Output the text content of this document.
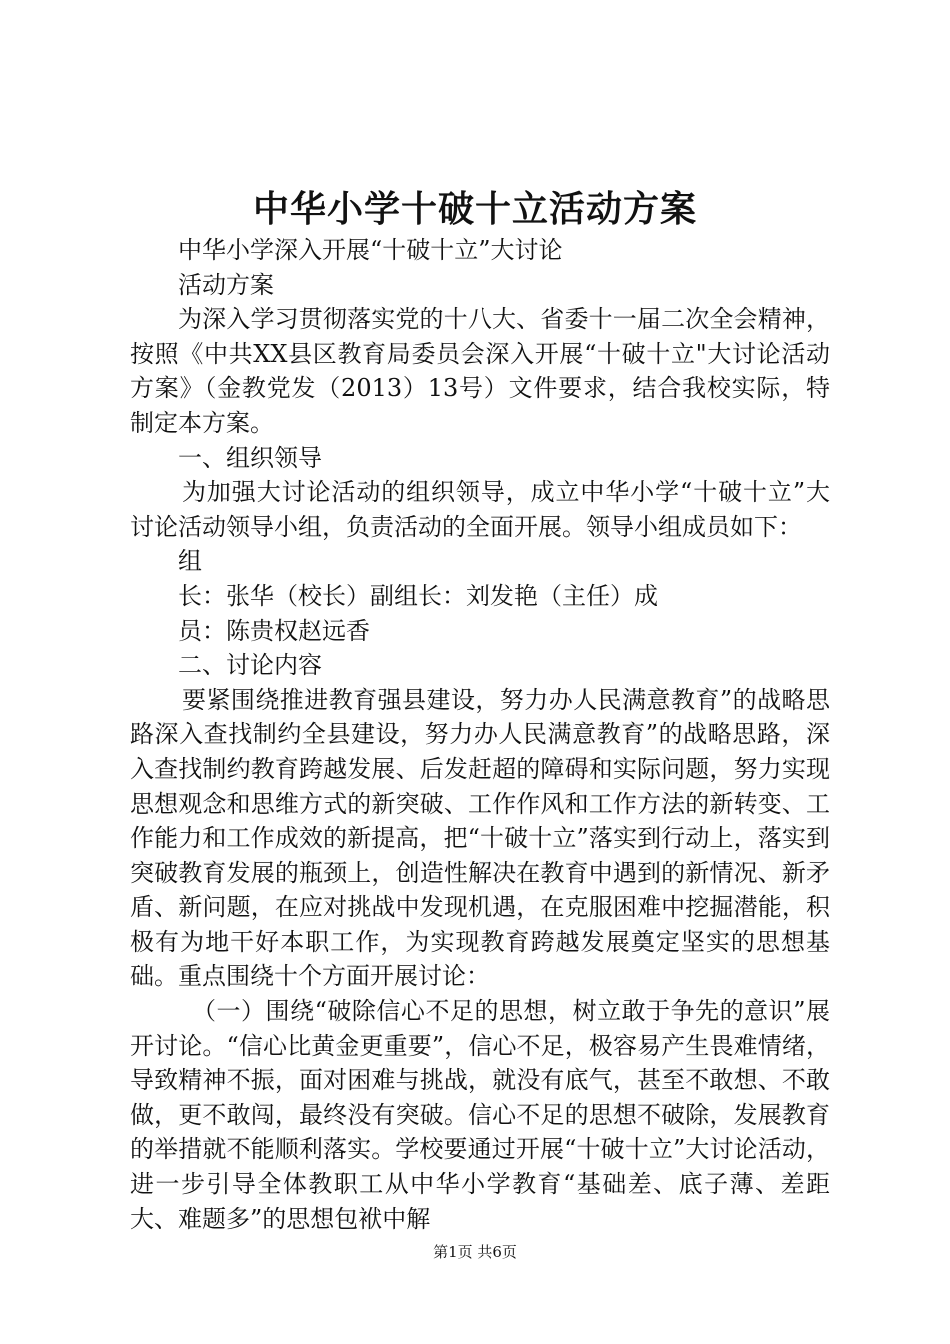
中华小学十破十立活动方案

中华小学深入开展“十破十立”大讨论

活动方案

为深入学习贯彻落实党的十八大、省委十一届二次全会精神，按照《中共XX县区教育局委员会深入开展“十破十立"大讨论活动方案》（金教党发（2013）13号）文件要求，结合我校实际，特制定本方案。

一、组织领导

为加强大讨论活动的组织领导，成立中华小学“十破十立”大讨论活动领导小组，负责活动的全面开展。领导小组成员如下：

组

长：张华（校长）副组长：刘发艳（主任）成

员：陈贵权赵远香

二、讨论内容

要紧围绕推进教育强县建设，努力办人民满意教育”的战略思路深入查找制约全县建设，努力办人民满意教育”的战略思路，深入查找制约教育跨越发展、后发赶超的障碍和实际问题，努力实现思想观念和思维方式的新突破、工作作风和工作方法的新转变、工作能力和工作成效的新提高，把“十破十立”落实到行动上，落实到突破教育发展的瓶颈上，创造性解决在教育中遇到的新情况、新矛盾、新问题，在应对挑战中发现机遇，在克服困难中挖掘潜能，积极有为地干好本职工作，为实现教育跨越发展奠定坚实的思想基础。重点围绕十个方面开展讨论：

（一）围绕“破除信心不足的思想，树立敢于争先的意识”展开讨论。“信心比黄金更重要”，信心不足，极容易产生畏难情绪，导致精神不振，面对困难与挑战，就没有底气，甚至不敢想、不敢做，更不敢闯，最终没有突破。信心不足的思想不破除，发展教育的举措就不能顺利落实。学校要通过开展“十破十立”大讨论活动，进一步引导全体教职工从中华小学教育“基础差、底子薄、差距大、难题多”的思想包袱中解

第1页 共6页
